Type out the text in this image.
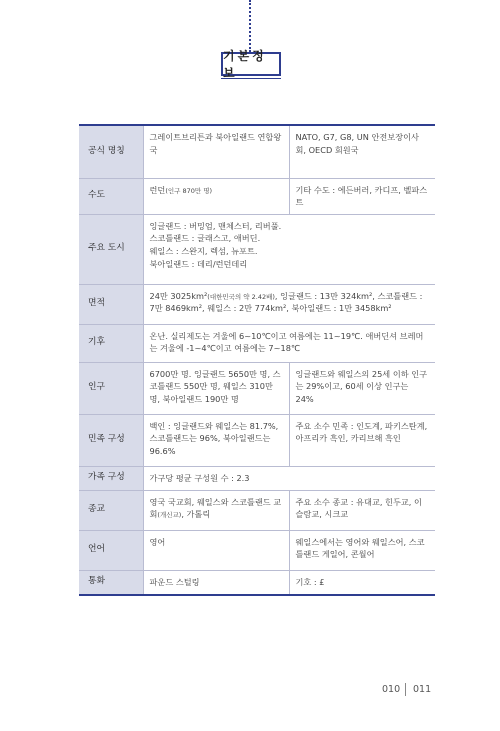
기본정보
공식 명칭	그레이트브리튼과 북아일랜드 연합왕국	NATO, G7, G8, UN 안전보장이사회, OECD 회원국
수도	런던(인구 870만 명)	기타 수도 : 에든버러, 카디프, 벨파스트
주요 도시	잉글랜드 : 버밍엄, 맨체스터, 리버풀.
스코틀랜드 : 글래스고, 애버딘.
웨일스 : 스완지, 렉섬, 뉴포트.
북아일랜드 : 데리/런던데리	

면적	24만 3025km²(대한민국의 약 2.42배), 잉글랜드 : 13만 324km², 스코틀랜드 : 7만 8469km², 웨일스 : 2만 774km², 북아일랜드 : 1만 3458km²	
기후	온난. 실리제도는 겨울에 6~10℃이고 여름에는 11~19℃. 애버딘셔 브레머는 겨울에 -1~4℃이고 여름에는 7~18℃	
인구	6700만 명. 잉글랜드 5650만 명, 스코틀랜드 550만 명, 웨일스 310만 명, 북아일랜드 190만 명	잉글랜드와 웨일스의 25세 이하 인구는 29%이고, 60세 이상 인구는 24%
민족 구성	백인 : 잉글랜드와 웨일스는 81.7%, 스코틀랜드는 96%, 북아일랜드는 96.6%	주요 소수 민족 : 인도계, 파키스탄계, 아프리카 흑인, 카리브해 흑인
가족 구성	가구당 평균 구성원 수 : 2.3	
종교	영국 국교회, 웨일스와 스코틀랜드 교회(개신교), 가톨릭	주요 소수 종교 : 유대교, 힌두교, 이슬람교, 시크교
언어	영어	웨일스에서는 영어와 웨일스어, 스코틀랜드 게일어, 콘월어
통화	파운드 스털링	기호 : £
010 011
